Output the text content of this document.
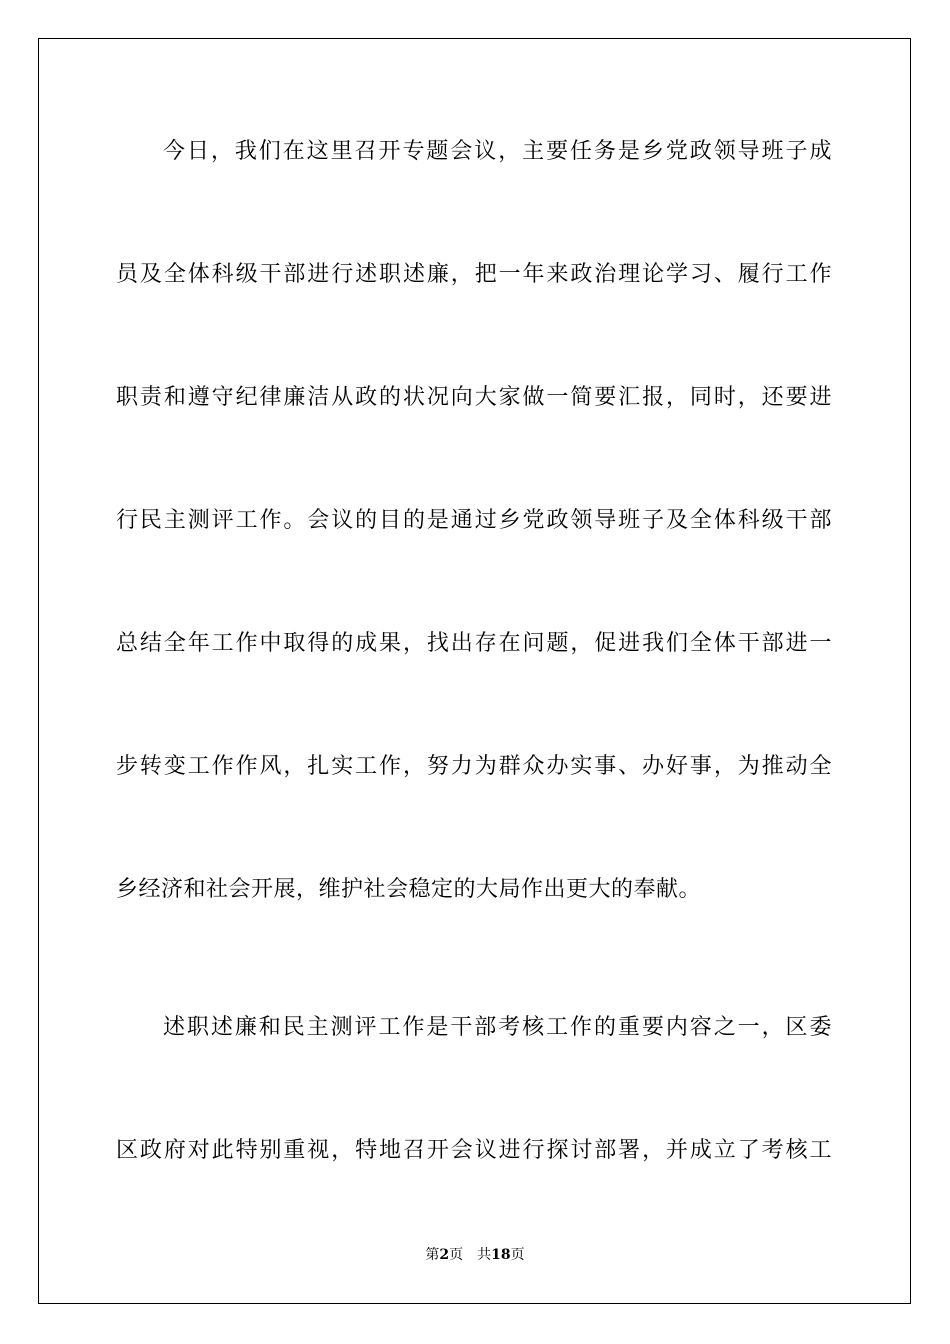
今日，我们在这里召开专题会议，主要任务是乡党政领导班子成
员及全体科级干部进行述职述廉，把一年来政治理论学习、履行工作
职责和遵守纪律廉洁从政的状况向大家做一简要汇报，同时，还要进
行民主测评工作。会议的目的是通过乡党政领导班子及全体科级干部
总结全年工作中取得的成果，找出存在问题，促进我们全体干部进一
步转变工作作风，扎实工作，努力为群众办实事、办好事，为推动全
乡经济和社会开展，维护社会稳定的大局作出更大的奉献。
述职述廉和民主测评工作是干部考核工作的重要内容之一，区委
区政府对此特别重视，特地召开会议进行探讨部署，并成立了考核工
第2页 共18页
